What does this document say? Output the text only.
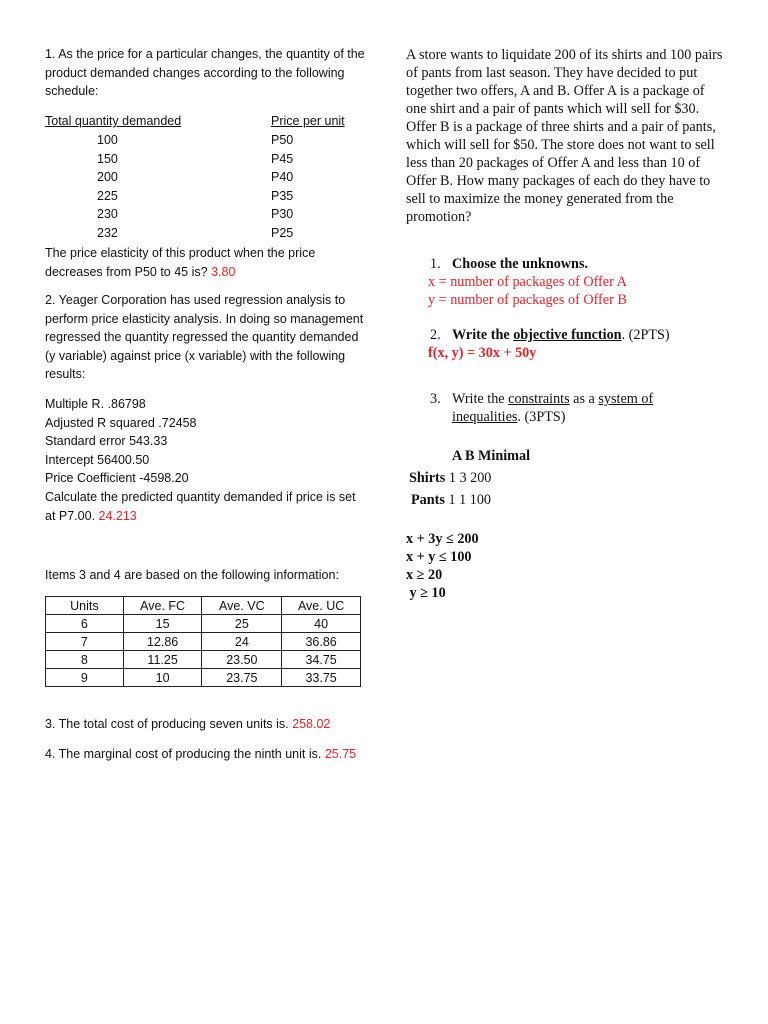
1. As the price for a particular changes, the quantity of the product demanded changes according to the following schedule:
Total quantity demanded	Price per unit
100	P50
150	P45
200	P40
225	P35
230	P30
232	P25
The price elasticity of this product when the price decreases from P50 to 45 is? 3.80
2. Yeager Corporation has used regression analysis to perform price elasticity analysis. In doing so management regressed the quantity regressed the quantity demanded (y variable) against price (x variable) with the following results:
Multiple R. .86798
Adjusted R squared .72458
Standard error 543.33
Intercept 56400.50
Price Coefficient -4598.20
Calculate the predicted quantity demanded if price is set at P7.00. 24.213
Items 3 and 4 are based on the following information:
Units	Ave. FC	Ave. VC	Ave. UC
6	15	25	40
7	12.86	24	36.86
8	11.25	23.50	34.75
9	10	23.75	33.75
3. The total cost of producing seven units is. 258.02
4. The marginal cost of producing the ninth unit is. 25.75
A store wants to liquidate 200 of its shirts and 100 pairs of pants from last season. They have decided to put together two offers, A and B. Offer A is a package of one shirt and a pair of pants which will sell for $30. Offer B is a package of three shirts and a pair of pants, which will sell for $50. The store does not want to sell less than 20 packages of Offer A and less than 10 of Offer B. How many packages of each do they have to sell to maximize the money generated from the promotion?
1. Choose the unknowns.
x = number of packages of Offer A
y = number of packages of Offer B
2. Write the objective function. (2PTS)
f(x, y) = 30x + 50y
3. Write the constraints as a system of inequalities. (3PTS)
A B Minimal
Shirts 1 3 200
Pants 1 1 100
x + 3y ≤ 200
x + y ≤ 100
x ≥ 20
y ≥ 10
